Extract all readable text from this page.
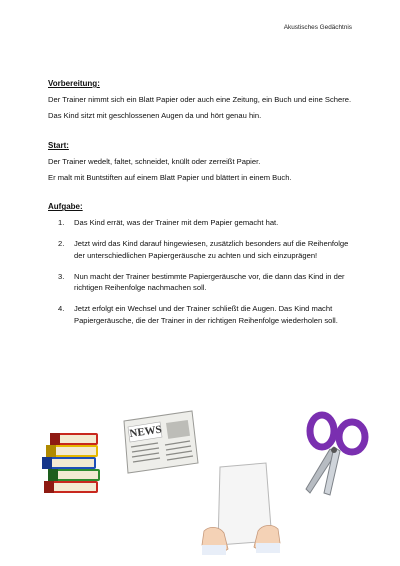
Akustisches Gedächtnis
Vorbereitung:

Der Trainer nimmt sich ein Blatt Papier oder auch eine Zeitung, ein Buch und eine Schere.

Das Kind sitzt mit geschlossenen Augen da und hört genau hin.

Start:

Der Trainer wedelt, faltet, schneidet, knüllt oder zerreißt Papier.

Er malt mit Buntstiften auf einem Blatt Papier und blättert in einem Buch.

Aufgabe:
1.	Das Kind errät, was der Trainer mit dem Papier gemacht hat.
2.	Jetzt wird das Kind darauf hingewiesen, zusätzlich besonders auf die Reihenfolge der unterschiedlichen Papiergeräusche zu achten und sich einzuprägen!
3.	Nun macht der Trainer bestimmte Papiergeräusche vor, die dann das Kind in der richtigen Reihenfolge nachmachen soll.
4.	Jetzt erfolgt ein Wechsel und der Trainer schließt die Augen. Das Kind macht Papiergeräusche, die der Trainer in der richtigen Reihenfolge wiederholen soll.
NEWS
